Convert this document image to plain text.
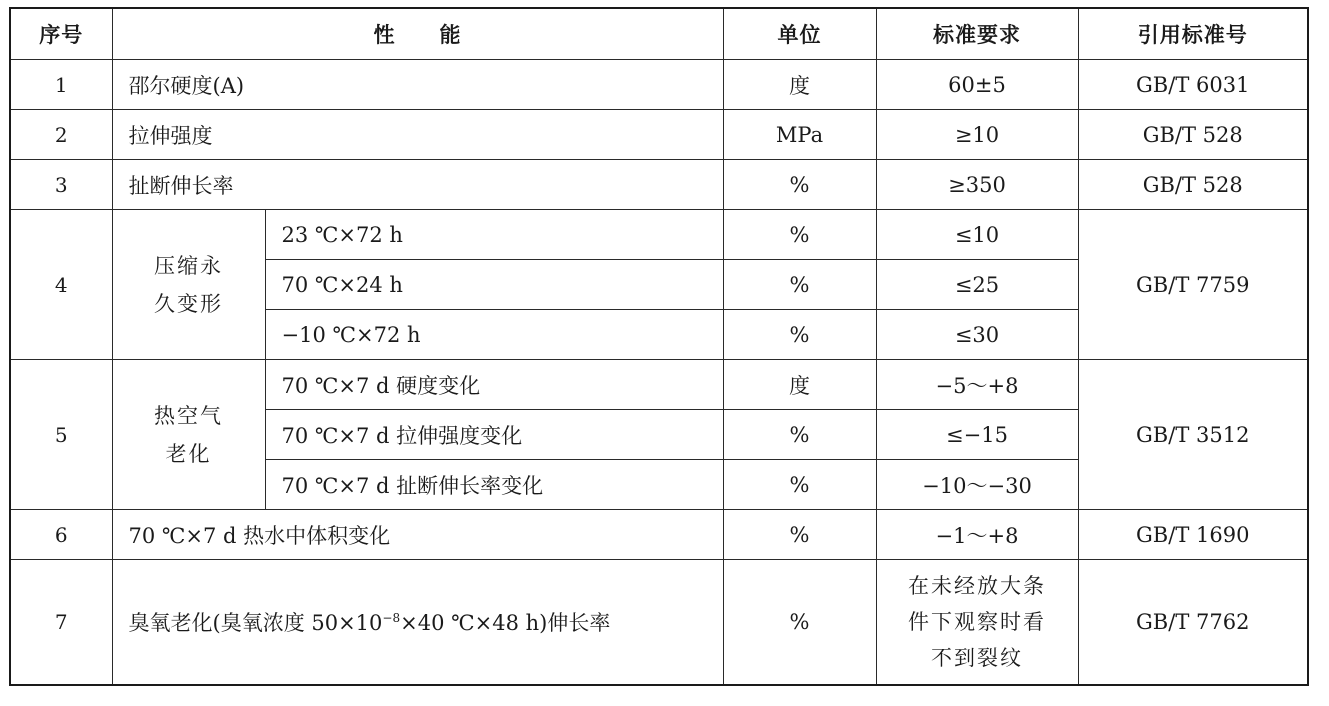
序号	性　　能		单位	标准要求	引用标准号
1	邵尔硬度(A)		度	60±5	GB/T 6031
2	拉伸强度		MPa	≥10	GB/T 528
3	扯断伸长率		%	≥350	GB/T 528
4	压缩永
久变形	23 ℃×72 h	%	≤10	GB/T 7759
		70 ℃×24 h	%	≤25	
		−10 ℃×72 h	%	≤30	
5	热空气
老化	70 ℃×7 d 硬度变化	度	−5～+8	GB/T 3512
		70 ℃×7 d 拉伸强度变化	%	≤−15	
		70 ℃×7 d 扯断伸长率变化	%	−10～−30	
6	70 ℃×7 d 热水中体积变化		%	−1～+8	GB/T 1690
7	臭氧老化(臭氧浓度 $50\times 10^{-8}\times 40$ ℃×48 h)伸长率		%	在未经放大条
件下观察时看
不到裂纹	GB/T 7762
